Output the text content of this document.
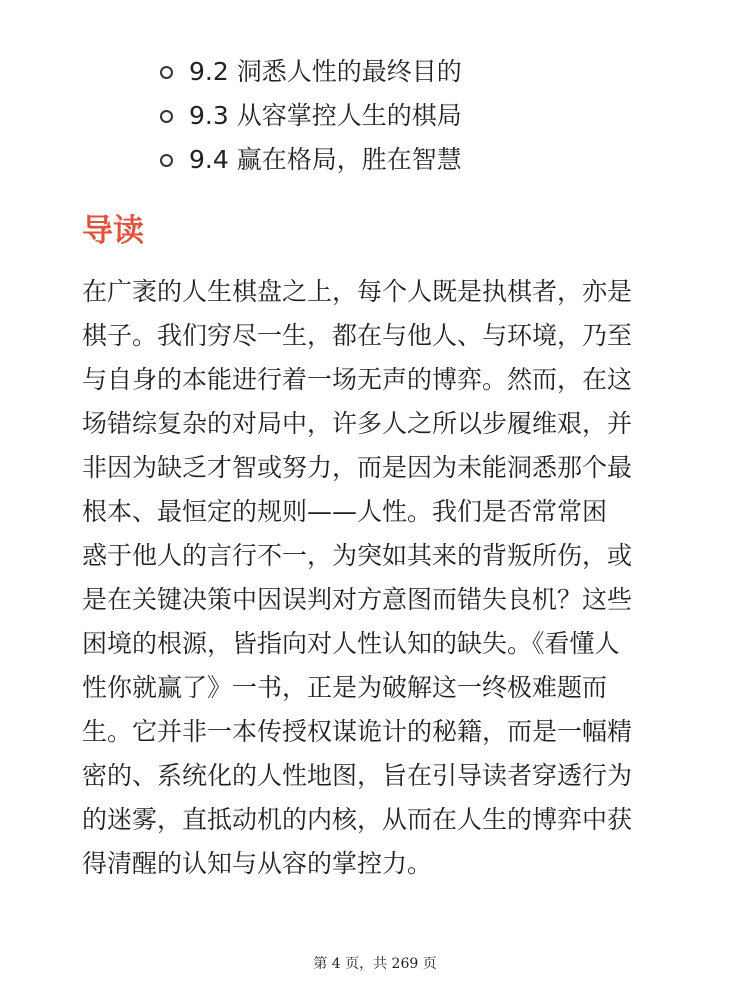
9.2 洞悉人性的最终目的
9.3 从容掌控人生的棋局
9.4 赢在格局，胜在智慧
导读

在广袤的人生棋盘之上，每个人既是执棋者，亦是
棋子。我们穷尽一生，都在与他人、与环境，乃至
与自身的本能进行着一场无声的博弈。然而，在这
场错综复杂的对局中，许多人之所以步履维艰，并
非因为缺乏才智或努力，而是因为未能洞悉那个最
根本、最恒定的规则——人性。我们是否常常困
惑于他人的言行不一，为突如其来的背叛所伤，或
是在关键决策中因误判对方意图而错失良机？这些
困境的根源，皆指向对人性认知的缺失。《看懂人
性你就赢了》一书，正是为破解这一终极难题而
生。它并非一本传授权谋诡计的秘籍，而是一幅精
密的、系统化的人性地图，旨在引导读者穿透行为
的迷雾，直抵动机的内核，从而在人生的博弈中获
得清醒的认知与从容的掌控力。

第 4 页，共 269 页
